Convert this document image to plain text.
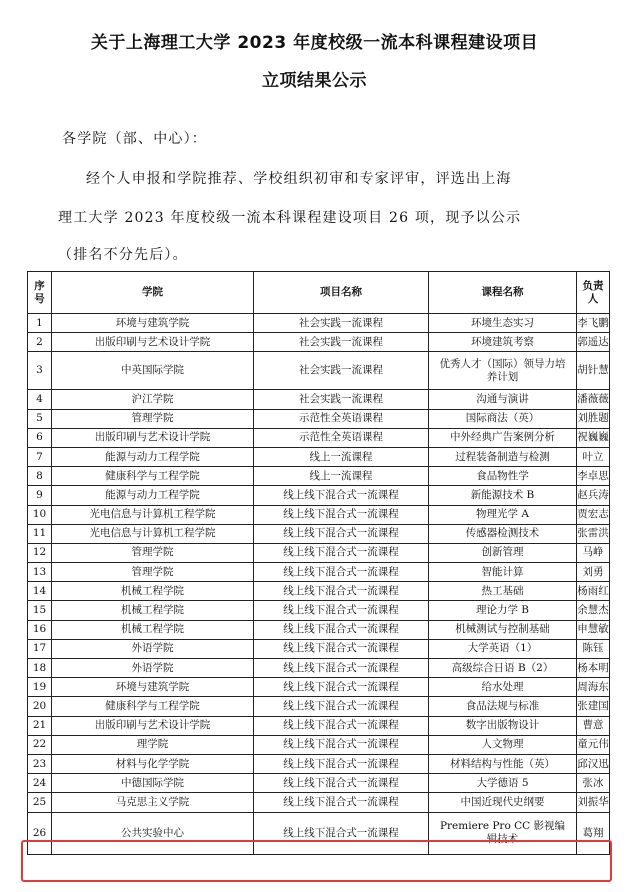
关于上海理工大学 2023 年度校级一流本科课程建设项目
立项结果公示
各学院（部、中心）：
经个人申报和学院推荐、学校组织初审和专家评审，评选出上海
理工大学 2023 年度校级一流本科课程建设项目 26 项，现予以公示
（排名不分先后）。
序号	学院	项目名称	课程名称	负责人
1	环境与建筑学院	社会实践一流课程	环境生态实习	李飞鹏
2	出版印刷与艺术设计学院	社会实践一流课程	环境建筑考察	郭遥达
3	中英国际学院	社会实践一流课程	优秀人才（国际）领导力培养计划	胡针慧
4	沪江学院	社会实践一流课程	沟通与演讲	潘薇薇
5	管理学院	示范性全英语课程	国际商法（英）	刘胜题
6	出版印刷与艺术设计学院	示范性全英语课程	中外经典广告案例分析	祝巍巍
7	能源与动力工程学院	线上一流课程	过程装备制造与检测	叶立
8	健康科学与工程学院	线上一流课程	食品物性学	李卓思
9	能源与动力工程学院	线上线下混合式一流课程	新能源技术 B	赵兵涛
10	光电信息与计算机工程学院	线上线下混合式一流课程	物理光学 A	贾宏志
11	光电信息与计算机工程学院	线上线下混合式一流课程	传感器检测技术	张雷洪
12	管理学院	线上线下混合式一流课程	创新管理	马峥
13	管理学院	线上线下混合式一流课程	智能计算	刘勇
14	机械工程学院	线上线下混合式一流课程	热工基础	杨雨红
15	机械工程学院	线上线下混合式一流课程	理论力学 B	余慧杰
16	机械工程学院	线上线下混合式一流课程	机械测试与控制基础	申慧敏
17	外语学院	线上线下混合式一流课程	大学英语（1）	陈钰
18	外语学院	线上线下混合式一流课程	高级综合日语 B（2）	杨本明
19	环境与建筑学院	线上线下混合式一流课程	给水处理	周海东
20	健康科学与工程学院	线上线下混合式一流课程	食品法规与标准	张建国
21	出版印刷与艺术设计学院	线上线下混合式一流课程	数字出版物设计	曹意
22	理学院	线上线下混合式一流课程	人文物理	童元伟
23	材料与化学学院	线上线下混合式一流课程	材料结构与性能（英）	邱汉迅
24	中德国际学院	线上线下混合式一流课程	大学德语 5	张冰
25	马克思主义学院	线上线下混合式一流课程	中国近现代史纲要	刘振华
26	公共实验中心	线上线下混合式一流课程	Premiere Pro CC 影视编辑技术	葛翔
